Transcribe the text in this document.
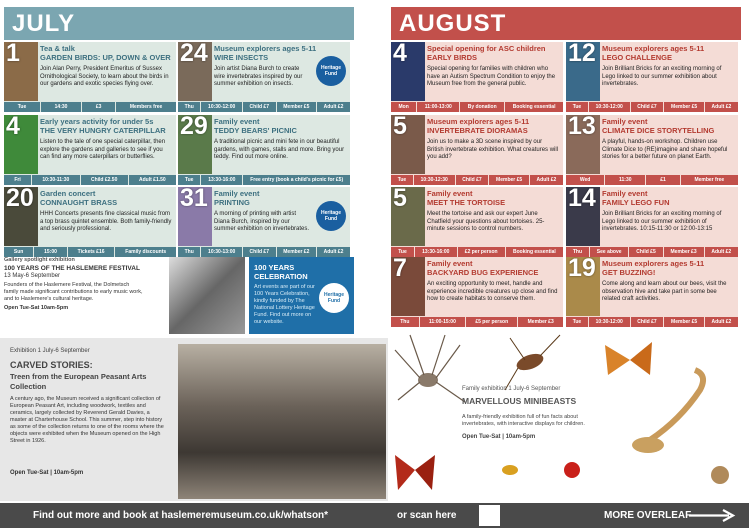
JULY	AUGUST
1	Tea & talk
GARDEN BIRDS: UP, DOWN & OVER
Join Alan Perry, President Emeritus of Sussex Ornithological Society, to learn about the birds in our gardens and exotic species flying over.
Tue	14:30	£3	Members free
24 Museum explorers ages 5-11
WIRE INSECTS
Join artist Diana Burch to create wire invertebrates inspired by our summer exhibition on insects.
Heritage Fund
Thu	10:30-12:00	Child £7	Member £5	Adult £2
4	Early years activity for under 5s
THE VERY HUNGRY CATERPILLAR
Listen to the tale of one special caterpillar, then explore the gardens and galleries to see if you can find any more caterpillars or butterflies.
Fri	10:30-11:30	Child £2.50	Adult £1.50
29 Family event
TEDDY BEARS' PICNIC
A traditional picnic and mini fete in our beautiful gardens, with games, stalls and more. Bring your teddy. Find out more online.
Tue	13:30-16:00	Free entry (book a child's picnic for £5)
20 Garden concert
CONNAUGHT BRASS
HHH Concerts presents fine classical music from a top brass quintet ensemble. Both family-friendly and seriously professional.
Sun	15:00	Tickets £16	Family discounts
31 Family event
PRINTING
A morning of printing with artist Diana Burch, inspired by our summer exhibition on invertebrates.
Heritage Fund
Thu	10:30-13:00	Child £7	Member £2	Adult £2
4	Special opening for ASC children
EARLY BIRDS
Special opening for families with children who have an Autism Spectrum Condition to enjoy the Museum free from the general public.
Mon	11:00-13:00	By donation	Booking essential
12 Museum explorers ages 5-11
LEGO CHALLENGE
Join Brilliant Bricks for an exciting morning of Lego linked to our summer exhibition about invertebrates.
Tue	10:30-12:00	Child £7	Member £5	Adult £2
5	Museum explorers ages 5-11
INVERTEBRATE DIORAMAS
Join us to make a 3D scene inspired by our British invertebrate exhibition. What creatures will you add?
Tue	10:30-12:30	Child £7	Member £5	Adult £2
13 Family event
CLIMATE DICE STORYTELLING
A playful, hands-on workshop. Children use Climate Dice to (RE)imagine and share hopeful stories for a better future on planet Earth.
Wed	11:30	£1	Member free
5	Family event
MEET THE TORTOISE
Meet the tortoise and ask our expert June Chatfield your questions about tortoises. 25-minute sessions to control numbers.
Tue	13:30-16:00	£2 per person	Booking essential
14 Family event
FAMILY LEGO FUN
Join Brilliant Bricks for an exciting morning of Lego linked to our summer exhibition of invertebrates. 10:15-11:30 or 12:00-13:15
Thu	See above	Child £5	Member £3	Adult £2
7	Family event
BACKYARD BUG EXPERIENCE
An exciting opportunity to meet, handle and experience incredible creatures up close and find how to create habitats to conserve them.
Thu	11:00-15:00	£5 per person	Member £3
19 Museum explorers ages 5-11
GET BUZZING!
Come along and learn about our bees, visit the observation hive and take part in some bee related craft activities.
Tue	10:30-12:00	Child £7	Member £5	Adult £2
Gallery spotlight exhibition
100 YEARS OF THE HASLEMERE FESTIVAL
13 May-6 September
Founders of the Haslemere Festival, the Dolmetsch family made significant contributions to early music work, and to Haslemere's cultural heritage.
Open Tue-Sat 10am-5pm
100 YEARS CELEBRATION
Art events are part of our 100 Years Celebration, kindly funded by The National Lottery Heritage Fund. Find out more on our website.
Heritage Fund
Exhibition 1 July-6 September
CARVED STORIES:
Treen from the European Peasant Arts Collection
A century ago, the Museum received a significant collection of European Peasant Art, including woodwork, textiles and ceramics, largely collected by Reverend Gerald Davies, a master at Charterhouse School. This summer, step into history as some of the collection returns to one of the rooms where the objects were exhibited when the Museum opened on the High Street in 1926.
Open Tue-Sat | 10am-5pm
Family exhibition 1 July-6 September
MARVELLOUS MINIBEASTS
A family-friendly exhibition full of fun facts about invertebrates, with interactive displays for children.
Open Tue-Sat | 10am-5pm
Find out more and book at haslemeremuseum.co.uk/whatson*	or scan here	MORE OVERLEAF
